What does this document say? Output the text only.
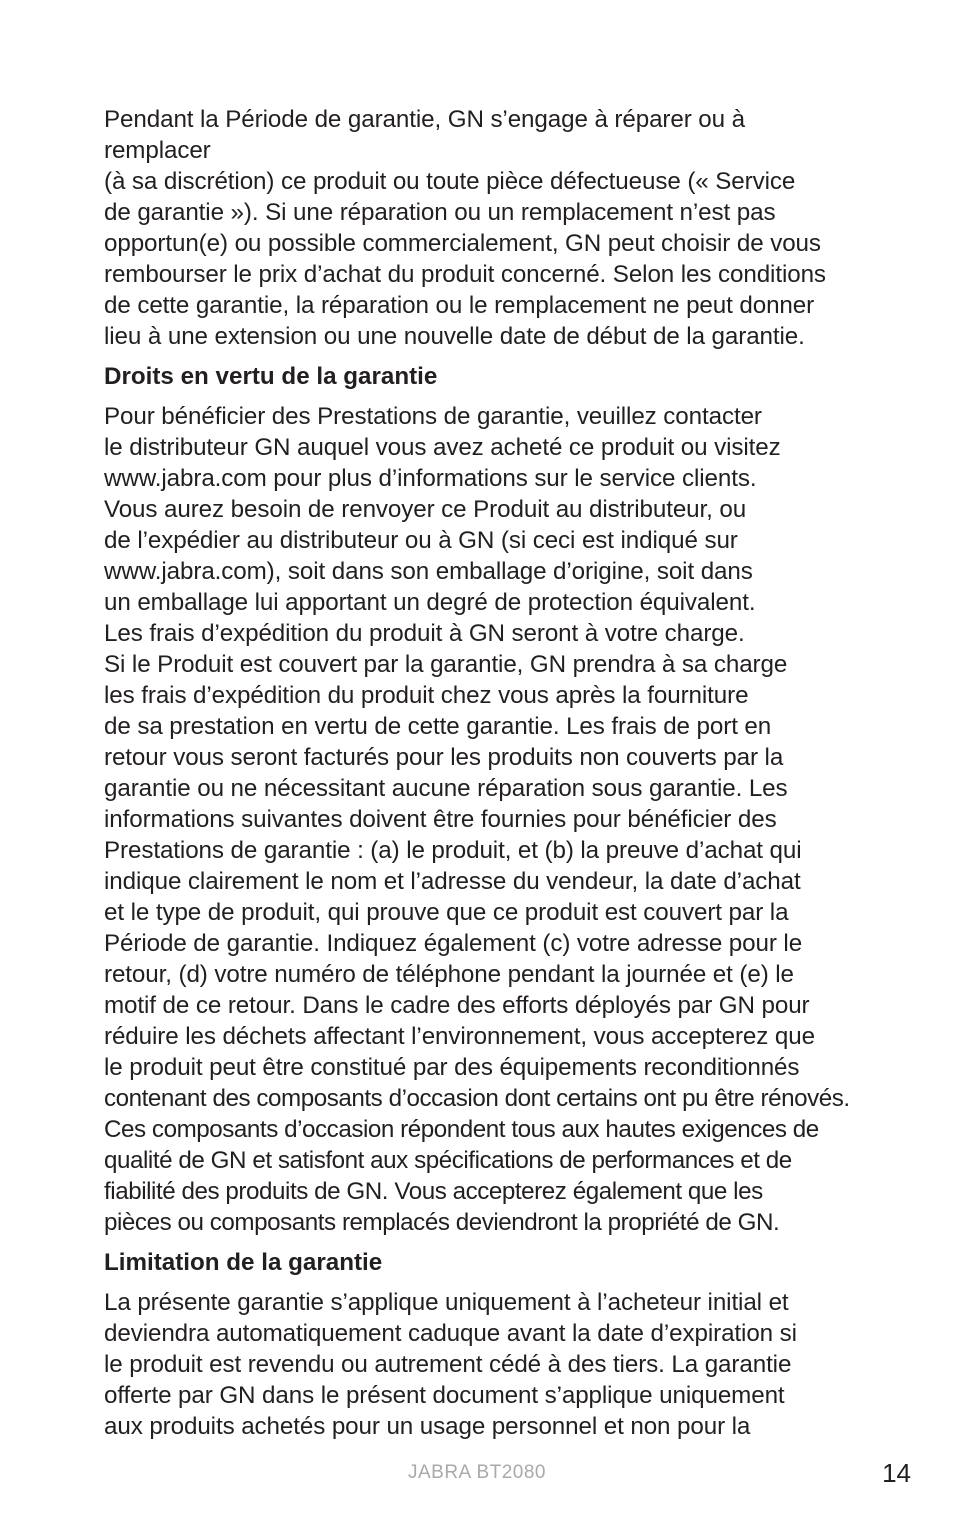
Pendant la Période de garantie, GN s’engage à réparer ou à remplacer
(à sa discrétion) ce produit ou toute pièce défectueuse (« Service
de garantie »). Si une réparation ou un remplacement n’est pas
opportun(e) ou possible commercialement, GN peut choisir de vous
rembourser le prix d’achat du produit concerné. Selon les conditions
de cette garantie, la réparation ou le remplacement ne peut donner
lieu à une extension ou une nouvelle date de début de la garantie.

Droits en vertu de la garantie

Pour bénéficier des Prestations de garantie, veuillez contacter
le distributeur GN auquel vous avez acheté ce produit ou visitez
www.jabra.com pour plus d’informations sur le service clients.
Vous aurez besoin de renvoyer ce Produit au distributeur, ou
de l’expédier au distributeur ou à GN (si ceci est indiqué sur
www.jabra.com), soit dans son emballage d’origine, soit dans
un emballage lui apportant un degré de protection équivalent.
Les frais d’expédition du produit à GN seront à votre charge.
Si le Produit est couvert par la garantie, GN prendra à sa charge
les frais d’expédition du produit chez vous après la fourniture
de sa prestation en vertu de cette garantie. Les frais de port en
retour vous seront facturés pour les produits non couverts par la
garantie ou ne nécessitant aucune réparation sous garantie. Les
informations suivantes doivent être fournies pour bénéficier des
Prestations de garantie : (a) le produit, et (b) la preuve d’achat qui
indique clairement le nom et l’adresse du vendeur, la date d’achat
et le type de produit, qui prouve que ce produit est couvert par la
Période de garantie. Indiquez également (c) votre adresse pour le
retour, (d) votre numéro de téléphone pendant la journée et (e) le
motif de ce retour. Dans le cadre des efforts déployés par GN pour
réduire les déchets affectant l’environnement, vous accepterez que
le produit peut être constitué par des équipements reconditionnés

contenant des composants d’occasion dont certains ont pu être rénovés.
Ces composants d’occasion répondent tous aux hautes exigences de
qualité de GN et satisfont aux spécifications de performances et de
fiabilité des produits de GN. Vous accepterez également que les
pièces ou composants remplacés deviendront la propriété de GN.

Limitation de la garantie

La présente garantie s’applique uniquement à l’acheteur initial et
deviendra automatiquement caduque avant la date d’expiration si
le produit est revendu ou autrement cédé à des tiers. La garantie
offerte par GN dans le présent document s’applique uniquement
aux produits achetés pour un usage personnel et non pour la

JABRA BT2080	14
